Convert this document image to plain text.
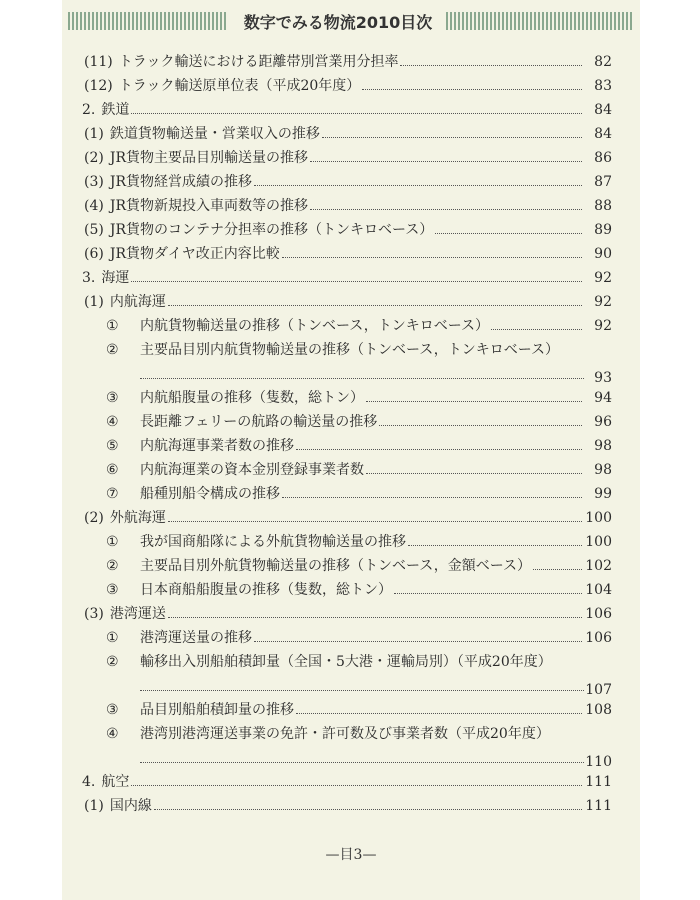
数字でみる物流2010目次
(11) トラック輸送における距離帯別営業用分担率	82
(12) トラック輸送原単位表（平成20年度）	83
2. 鉄道	84
(1) 鉄道貨物輸送量・営業収入の推移	84
(2) JR貨物主要品目別輸送量の推移	86
(3) JR貨物経営成績の推移	87
(4) JR貨物新規投入車両数等の推移	88
(5) JR貨物のコンテナ分担率の推移（トンキロベース）	89
(6) JR貨物ダイヤ改正内容比較	90
3. 海運	92
(1) 内航海運	92
① 内航貨物輸送量の推移（トンベース，トンキロベース）	92
② 主要品目別内航貨物輸送量の推移（トンベース，トンキロベース）
93
③ 内航船腹量の推移（隻数，総トン）	94
④ 長距離フェリーの航路の輸送量の推移	96
⑤ 内航海運事業者数の推移	98
⑥ 内航海運業の資本金別登録事業者数	98
⑦ 船種別船令構成の推移	99
(2) 外航海運	100
① 我が国商船隊による外航貨物輸送量の推移	100
② 主要品目別外航貨物輸送量の推移（トンベース，金額ベース）	102
③ 日本商船船腹量の推移（隻数，総トン）	104
(3) 港湾運送	106
① 港湾運送量の推移	106
② 輸移出入別船舶積卸量（全国・5大港・運輸局別）（平成20年度）
107
③ 品目別船舶積卸量の推移	108
④ 港湾別港湾運送事業の免許・許可数及び事業者数（平成20年度）
110
4. 航空	111
(1) 国内線	111
—目3—
